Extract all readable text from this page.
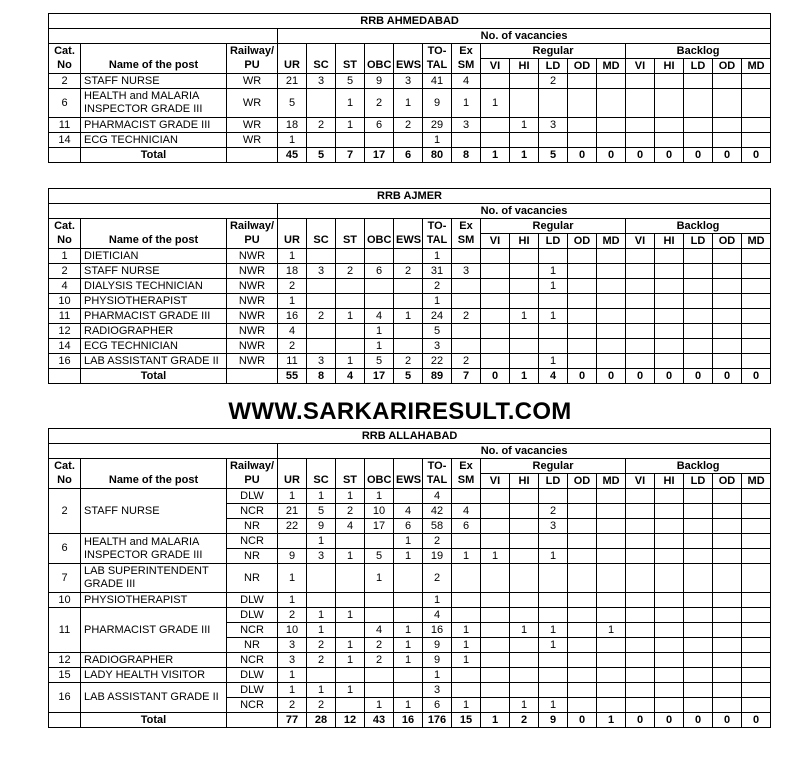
RRB AHMEDABAD																			
			No. of vacancies																
Cat.		Railway/						TO-	Ex	Regular					Backlog				
No	Name of the post	PU	UR	SC	ST	OBC	EWS	TAL	SM	VI	HI	LD	OD	MD	VI	HI	LD	OD	MD
2	STAFF NURSE	WR	21	3	5	9	3	41	4			2							
6	HEALTH and MALARIA INSPECTOR GRADE III	WR	5		1	2	1	9	1	1									
11	PHARMACIST GRADE III	WR	18	2	1	6	2	29	3		1	3							
14	ECG TECHNICIAN	WR	1					1											
	Total		45	5	7	17	6	80	8	1	1	5	0	0	0	0	0	0	0
RRB AJMER																			
			No. of vacancies																
Cat.		Railway/						TO-	Ex	Regular					Backlog				
No	Name of the post	PU	UR	SC	ST	OBC	EWS	TAL	SM	VI	HI	LD	OD	MD	VI	HI	LD	OD	MD
1	DIETICIAN	NWR	1					1											
2	STAFF NURSE	NWR	18	3	2	6	2	31	3			1							
4	DIALYSIS TECHNICIAN	NWR	2					2				1							
10	PHYSIOTHERAPIST	NWR	1					1											
11	PHARMACIST GRADE III	NWR	16	2	1	4	1	24	2		1	1							
12	RADIOGRAPHER	NWR	4			1		5											
14	ECG TECHNICIAN	NWR	2			1		3											
16	LAB ASSISTANT GRADE II	NWR	11	3	1	5	2	22	2			1							
	Total		55	8	4	17	5	89	7	0	1	4	0	0	0	0	0	0	0
WWW.SARKARIRESULT.COM
RRB ALLAHABAD																			
			No. of vacancies																
Cat.		Railway/						TO-	Ex	Regular					Backlog				
No	Name of the post	PU	UR	SC	ST	OBC	EWS	TAL	SM	VI	HI	LD	OD	MD	VI	HI	LD	OD	MD
2	STAFF NURSE	DLW	1	1	1	1		4											
		NCR	21	5	2	10	4	42	4			2							
		NR	22	9	4	17	6	58	6			3							
6	HEALTH and MALARIA INSPECTOR GRADE III	NCR		1			1	2											
		NR	9	3	1	5	1	19	1	1		1							
7	LAB SUPERINTENDENT GRADE III	NR	1			1		2											
10	PHYSIOTHERAPIST	DLW	1					1											
11	PHARMACIST GRADE III	DLW	2	1	1			4											
		NCR	10	1		4	1	16	1		1	1		1					
		NR	3	2	1	2	1	9	1			1							
12	RADIOGRAPHER	NCR	3	2	1	2	1	9	1										
15	LADY HEALTH VISITOR	DLW	1					1											
16	LAB ASSISTANT GRADE II	DLW	1	1	1			3											
		NCR	2	2		1	1	6	1		1	1							
	Total		77	28	12	43	16	176	15	1	2	9	0	1	0	0	0	0	0
